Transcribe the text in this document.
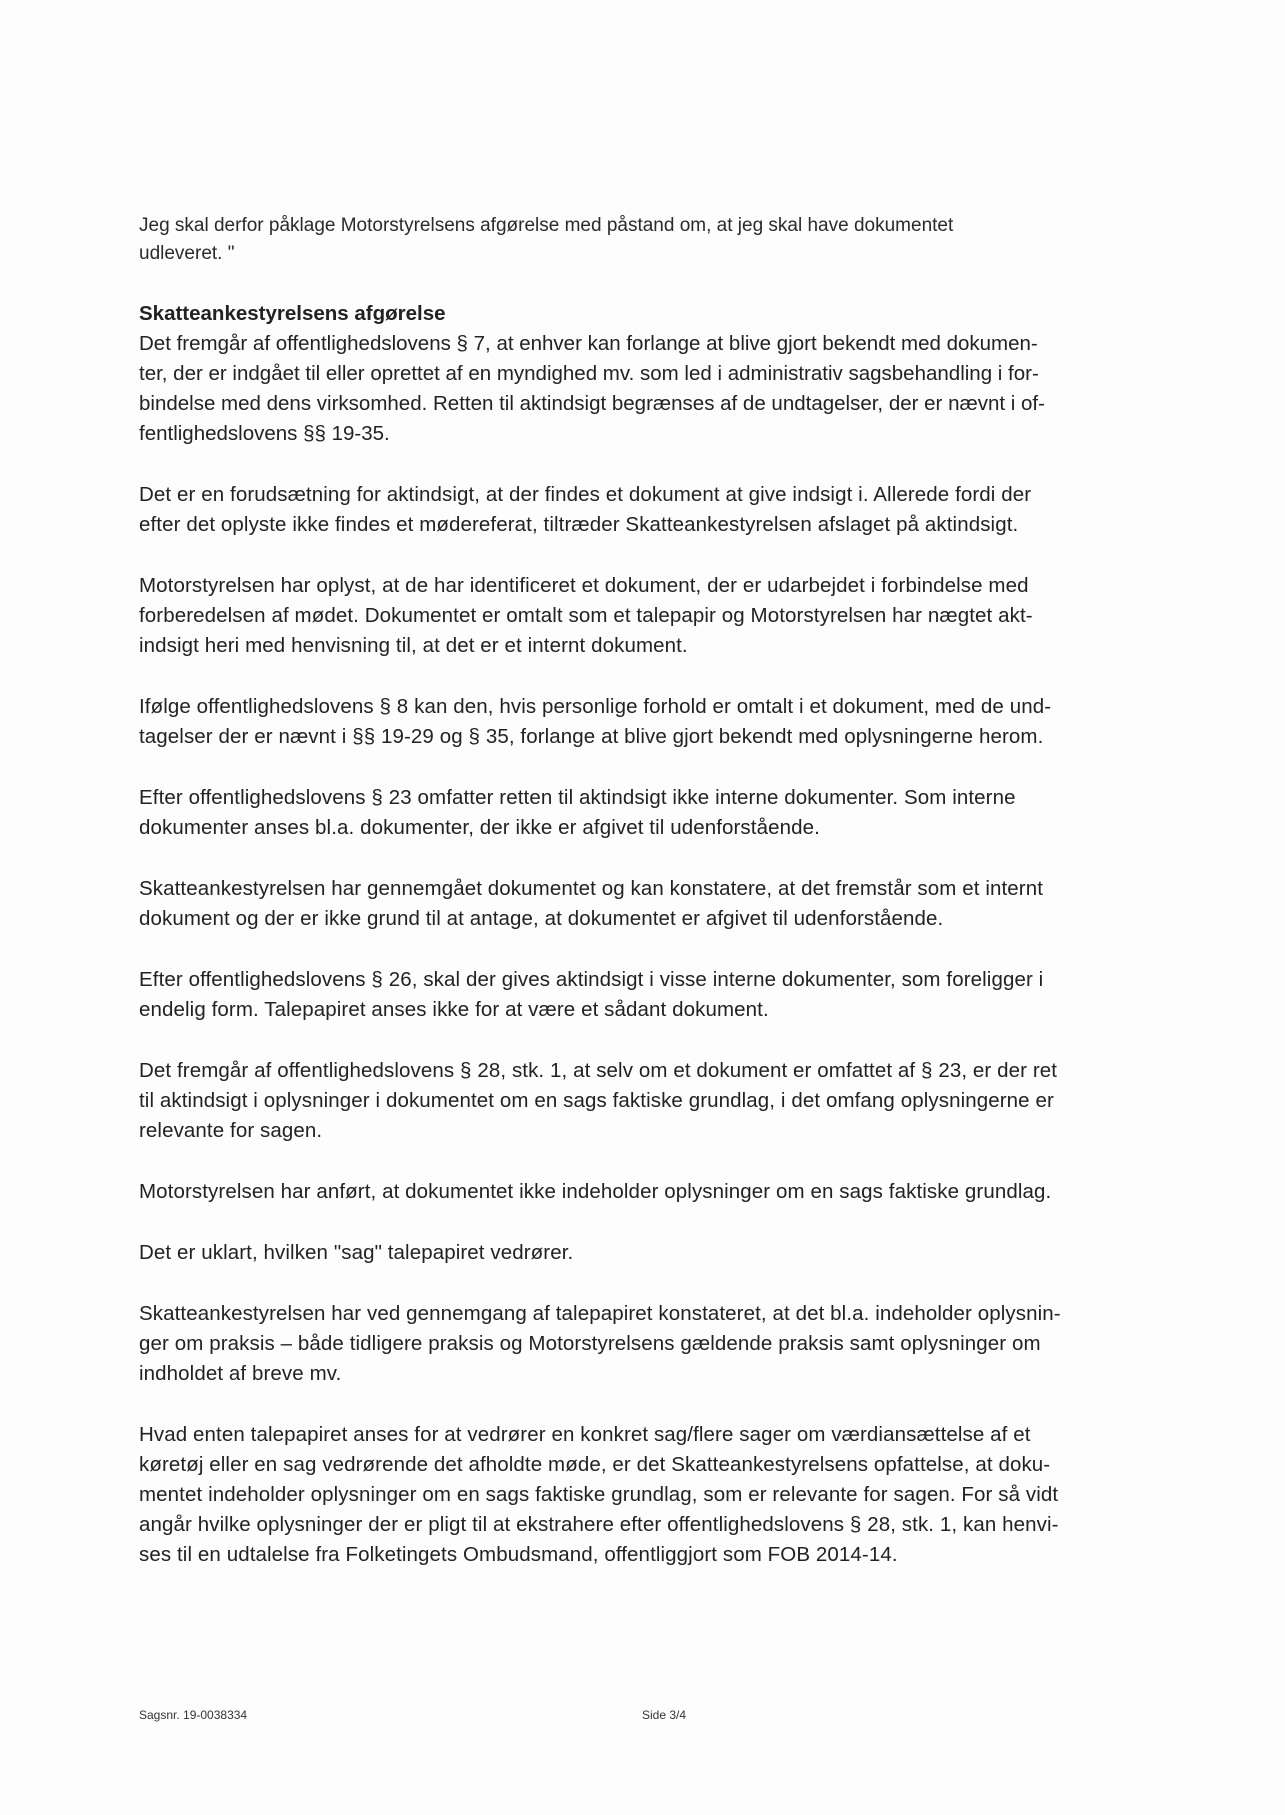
Jeg skal derfor påklage Motorstyrelsens afgørelse med påstand om, at jeg skal have dokumentet
udleveret. "

Skatteankestyrelsens afgørelse

Det fremgår af offentlighedslovens § 7, at enhver kan forlange at blive gjort bekendt med dokumen-
ter, der er indgået til eller oprettet af en myndighed mv. som led i administrativ sagsbehandling i for-
bindelse med dens virksomhed. Retten til aktindsigt begrænses af de undtagelser, der er nævnt i of-
fentlighedslovens §§ 19-35.

Det er en forudsætning for aktindsigt, at der findes et dokument at give indsigt i. Allerede fordi der
efter det oplyste ikke findes et mødereferat, tiltræder Skatteankestyrelsen afslaget på aktindsigt.

Motorstyrelsen har oplyst, at de har identificeret et dokument, der er udarbejdet i forbindelse med
forberedelsen af mødet. Dokumentet er omtalt som et talepapir og Motorstyrelsen har nægtet akt-
indsigt heri med henvisning til, at det er et internt dokument.

Ifølge offentlighedslovens § 8 kan den, hvis personlige forhold er omtalt i et dokument, med de und-
tagelser der er nævnt i §§ 19-29 og § 35, forlange at blive gjort bekendt med oplysningerne herom.

Efter offentlighedslovens § 23 omfatter retten til aktindsigt ikke interne dokumenter. Som interne
dokumenter anses bl.a. dokumenter, der ikke er afgivet til udenforstående.

Skatteankestyrelsen har gennemgået dokumentet og kan konstatere, at det fremstår som et internt
dokument og der er ikke grund til at antage, at dokumentet er afgivet til udenforstående.

Efter offentlighedslovens § 26, skal der gives aktindsigt i visse interne dokumenter, som foreligger i
endelig form. Talepapiret anses ikke for at være et sådant dokument.

Det fremgår af offentlighedslovens § 28, stk. 1, at selv om et dokument er omfattet af § 23, er der ret
til aktindsigt i oplysninger i dokumentet om en sags faktiske grundlag, i det omfang oplysningerne er
relevante for sagen.

Motorstyrelsen har anført, at dokumentet ikke indeholder oplysninger om en sags faktiske grundlag.

Det er uklart, hvilken "sag" talepapiret vedrører.

Skatteankestyrelsen har ved gennemgang af talepapiret konstateret, at det bl.a. indeholder oplysnin-
ger om praksis – både tidligere praksis og Motorstyrelsens gældende praksis samt oplysninger om
indholdet af breve mv.

Hvad enten talepapiret anses for at vedrører en konkret sag/flere sager om værdiansættelse af et
køretøj eller en sag vedrørende det afholdte møde, er det Skatteankestyrelsens opfattelse, at doku-
mentet indeholder oplysninger om en sags faktiske grundlag, som er relevante for sagen. For så vidt
angår hvilke oplysninger der er pligt til at ekstrahere efter offentlighedslovens § 28, stk. 1, kan henvi-
ses til en udtalelse fra Folketingets Ombudsmand, offentliggjort som FOB 2014-14.

Sagsnr. 19-0038334	Side 3/4
